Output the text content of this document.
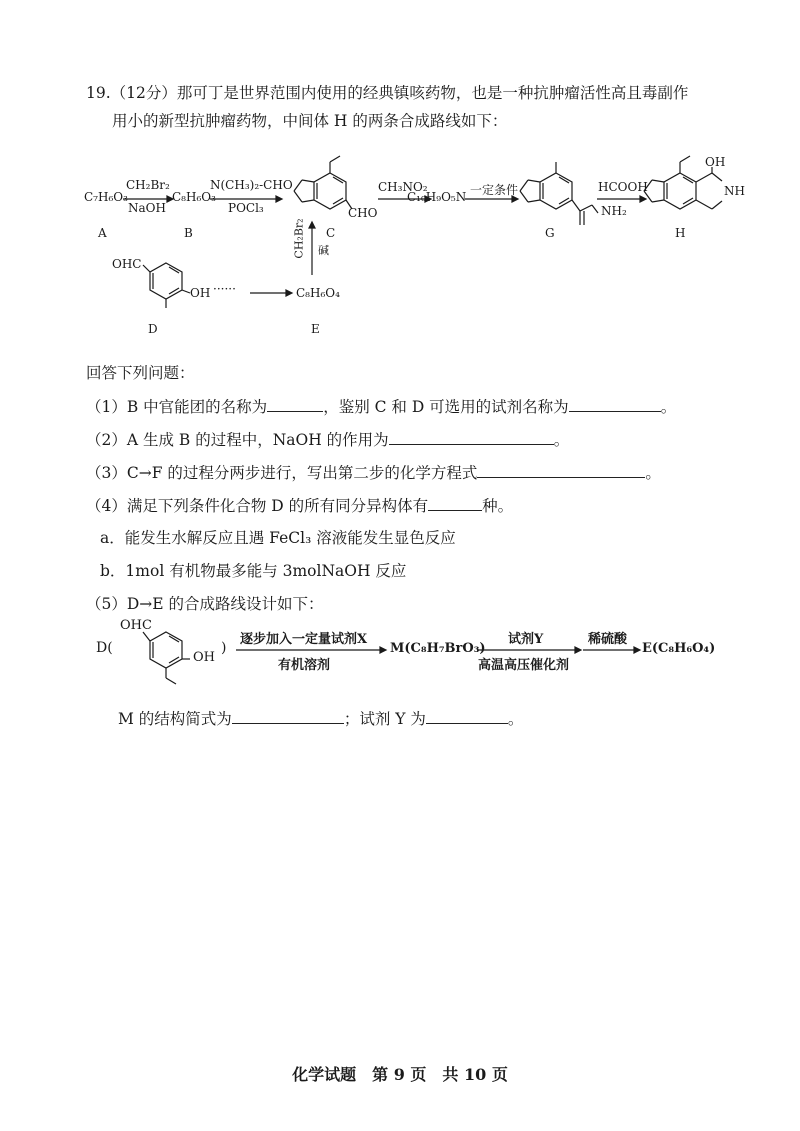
19.（12分）那可丁是世界范围内使用的经典镇咳药物，也是一种抗肿瘤活性高且毒副作
用小的新型抗肿瘤药物，中间体 H 的两条合成路线如下：
C₇H₆O₃
A
CH₂Br₂
NaOH
C₈H₆O₃
B
N(CH₃)₂-CHO
POCl₃	CHO
C
CH₃NO₂
C₁₀H₉O₅N 一定条件
NH₂
G
HCOOH
OH
NH
H
OHC
OH ······
D
C₈H₆O₄
E
CH₂Br₂ 碱
回答下列问题：
（1）B 中官能团的名称为	，鉴别 C 和 D 可选用的试剂名称为	。
（2）A 生成 B 的过程中，NaOH 的作用为	。
（3）C→F 的过程分两步进行，写出第二步的化学方程式	。
（4）满足下列条件化合物 D 的所有同分异构体有	种。
a．能发生水解反应且遇 FeCl₃ 溶液能发生显色反应
b．1mol 有机物最多能与 3molNaOH 反应
（5）D→E 的合成路线设计如下：
D(
OHC
OH
)
逐步加入一定量试剂X
有机溶剂
M(C₈H₇BrO₃)
试剂Y
高温高压催化剂
稀硫酸
E(C₈H₆O₄)
M 的结构简式为	；试剂 Y 为	。
化学试题　第 9 页　共 10 页
